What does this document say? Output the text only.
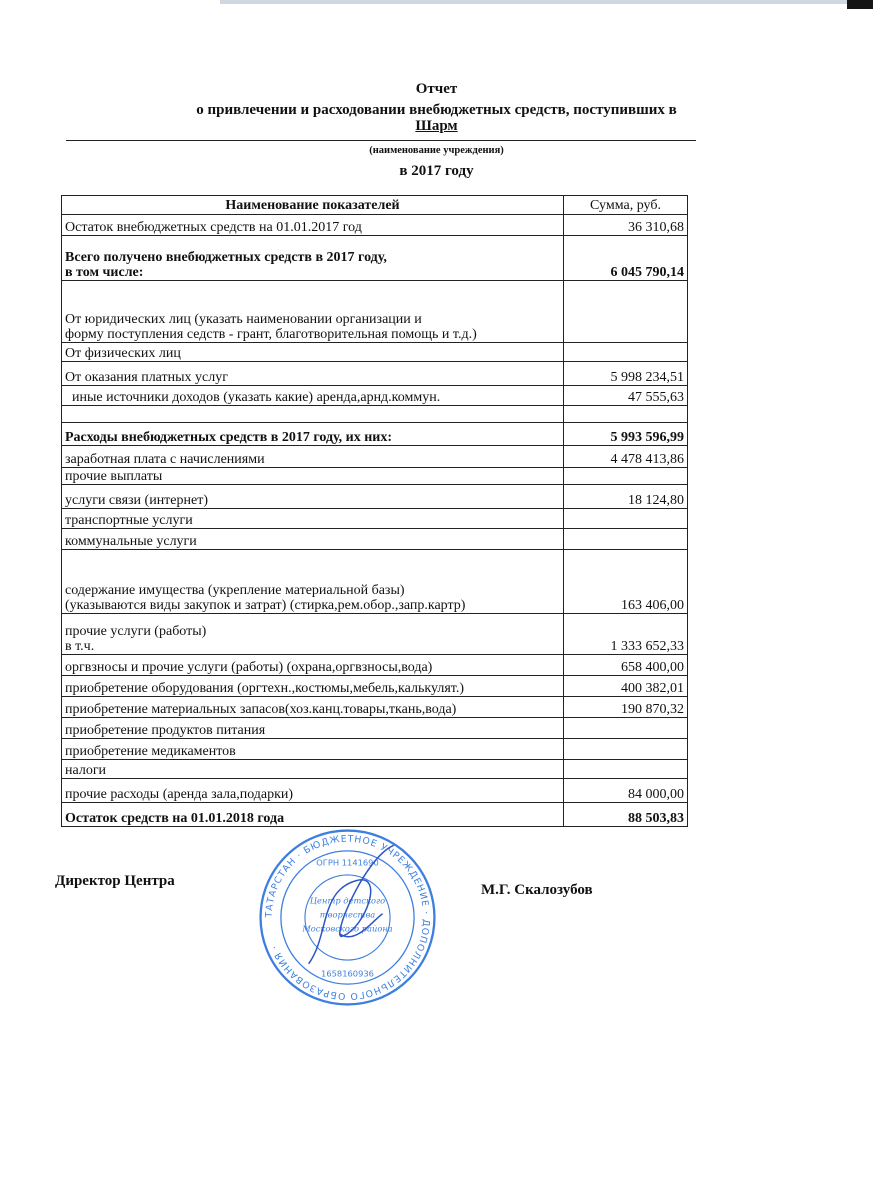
Отчет
о привлечении и расходовании внебюджетных средств, поступивших в
Шарм
(наименование учреждения)
в 2017 году
Наименование показателей	Сумма, руб.
Остаток внебюджетных средств на 01.01.2017 год	36 310,68
Всего получено внебюджетных средств в 2017 году,
в том числе:	6 045 790,14
От юридических лиц (указать наименовании организации и
форму поступления седств - грант, благотворительная помощь и т.д.)	
От физических лиц	
От оказания платных услуг	5 998 234,51
иные источники доходов (указать какие) аренда,арнд.коммун.	47 555,63

Расходы внебюджетных средств в 2017 году, их них:	5 993 596,99
заработная плата с начислениями	4 478 413,86
прочие выплаты	
услуги связи (интернет)	18 124,80
транспортные услуги	
коммунальные услуги	
содержание имущества (укрепление материальной базы)
(указываются виды закупок и затрат) (стирка,рем.обор.,запр.картр)	163 406,00
прочие услуги (работы)
в т.ч.	1 333 652,33
оргвзносы и прочие услуги (работы) (охрана,оргвзносы,вода)	658 400,00
приобретение оборудования (оргтехн.,костюмы,мебель,калькулят.)	400 382,01
приобретение материальных запасов(хоз.канц.товары,ткань,вода)	190 870,32
приобретение продуктов питания	
приобретение медикаментов	
налоги	
прочие расходы (аренда зала,подарки)	84 000,00
Остаток средств на 01.01.2018 года	88 503,83
Директор Центра
М.Г. Скалозубов
ТАТАРСТАН · БЮДЖЕТНОЕ УЧРЕЖДЕНИЕ · ДОПОЛНИТЕЛЬНОГО ОБРАЗОВАНИЯ ·
ОГРН 1141690
1658160936
Центр детского
творчества
Московского района
